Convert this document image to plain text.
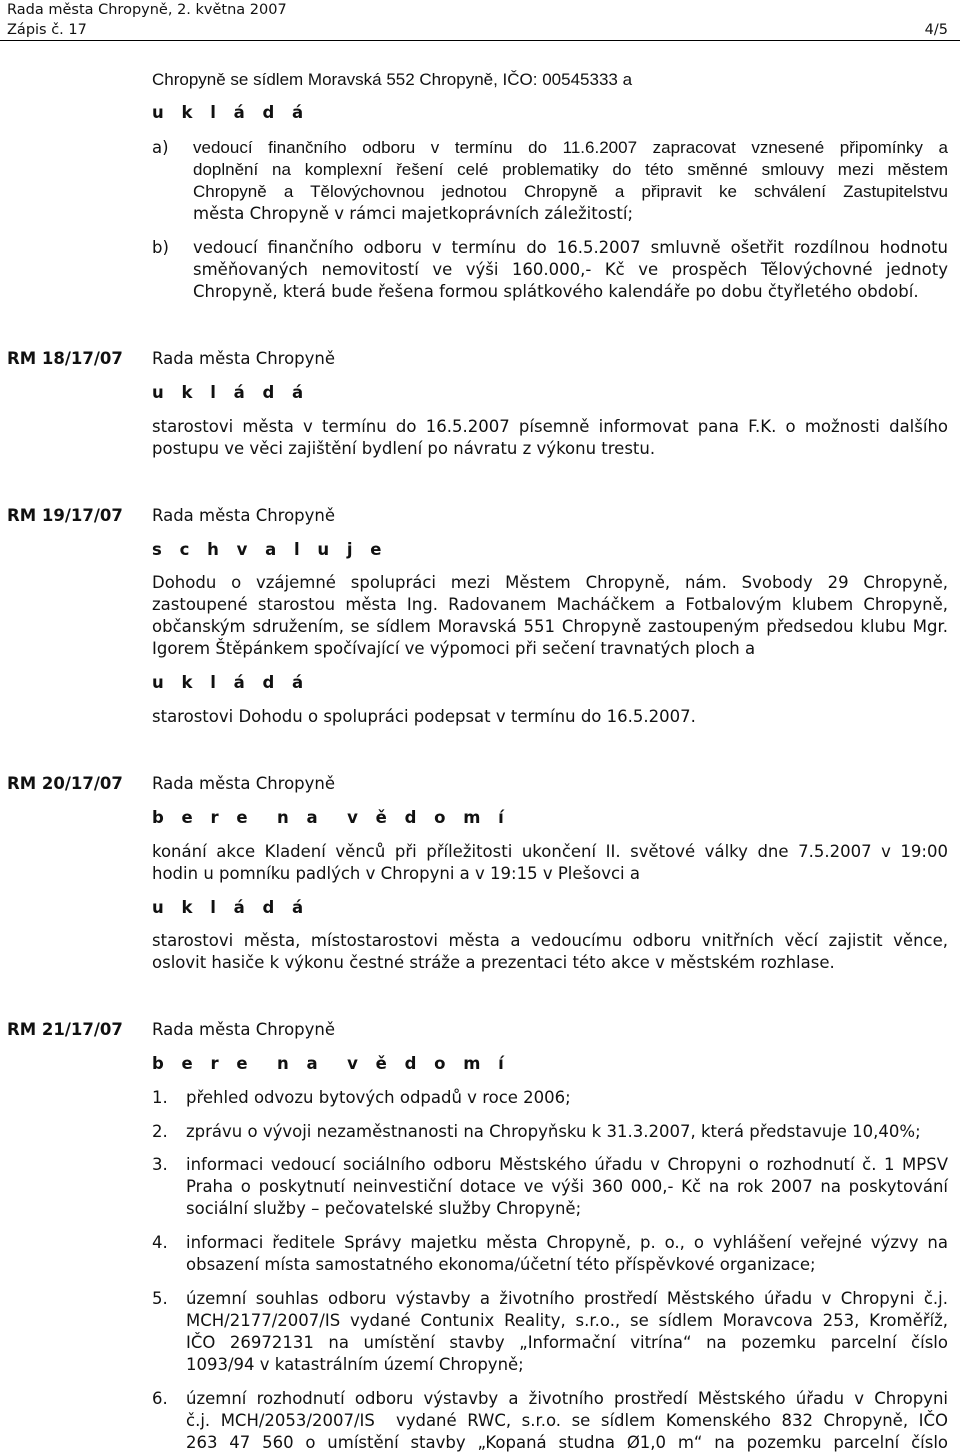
Rada města Chropyně, 2. května 2007
Zápis č. 17	4/5
Chropyně se sídlem Moravská 552 Chropyně, IČO: 00545333 a
u k l á d á
a) vedoucí finančního odboru v termínu do 11.6.2007 zapracovat vznesené připomínky a
doplnění na komplexní řešení celé problematiky do této směnné smlouvy mezi městem
Chropyně a Tělovýchovnou jednotou Chropyně a připravit ke schválení Zastupitelstvu
města Chropyně v rámci majetkoprávních záležitostí;
b) vedoucí finančního odboru v termínu do 16.5.2007 smluvně ošetřit rozdílnou hodnotu
směňovaných nemovitostí ve výši 160.000,- Kč ve prospěch Tělovýchovné jednoty
Chropyně, která bude řešena formou splátkového kalendáře po dobu čtyřletého období.
RM 18/17/07 Rada města Chropyně
u k l á d á
starostovi města v termínu do 16.5.2007 písemně informovat pana F.K. o možnosti dalšího
postupu ve věci zajištění bydlení po návratu z výkonu trestu.
RM 19/17/07 Rada města Chropyně
s c h v a l u j e
Dohodu o vzájemné spolupráci mezi Městem Chropyně, nám. Svobody 29 Chropyně,
zastoupené starostou města Ing. Radovanem Macháčkem a Fotbalovým klubem Chropyně,
občanským sdružením, se sídlem Moravská 551 Chropyně zastoupeným předsedou klubu Mgr.
Igorem Štěpánkem spočívající ve výpomoci při sečení travnatých ploch a
u k l á d á
starostovi Dohodu o spolupráci podepsat v termínu do 16.5.2007.
RM 20/17/07 Rada města Chropyně
b e r e  n a  v ě d o m í
konání akce Kladení věnců při příležitosti ukončení II. světové války dne 7.5.2007 v 19:00
hodin u pomníku padlých v Chropyni a v 19:15 v Plešovci a
u k l á d á
starostovi města, místostarostovi města a vedoucímu odboru vnitřních věcí zajistit věnce,
oslovit hasiče k výkonu čestné stráže a prezentaci této akce v městském rozhlase.
RM 21/17/07 Rada města Chropyně
b e r e  n a  v ě d o m í
1. přehled odvozu bytových odpadů v roce 2006;
2. zprávu o vývoji nezaměstnanosti na Chropyňsku k 31.3.2007, která představuje 10,40%;
3. informaci vedoucí sociálního odboru Městského úřadu v Chropyni o rozhodnutí č. 1 MPSV
Praha o poskytnutí neinvestiční dotace ve výši 360 000,- Kč na rok 2007 na poskytování
sociální služby – pečovatelské služby Chropyně;
4. informaci ředitele Správy majetku města Chropyně, p. o., o vyhlášení veřejné výzvy na
obsazení místa samostatného ekonoma/účetní této příspěvkové organizace;
5. územní souhlas odboru výstavby a životního prostředí Městského úřadu v Chropyni č.j.
MCH/2177/2007/IS vydané Contunix Reality, s.r.o., se sídlem Moravcova 253, Kroměříž,
IČO 26972131 na umístění stavby „Informační vitrína“ na pozemku parcelní číslo
1093/94 v katastrálním území Chropyně;
6. územní rozhodnutí odboru výstavby a životního prostředí Městského úřadu v Chropyni
č.j. MCH/2053/2007/IS  vydané RWC, s.r.o. se sídlem Komenského 832 Chropyně, IČO
263 47 560 o umístění stavby „Kopaná studna Ø1,0 m“ na pozemku parcelní číslo
